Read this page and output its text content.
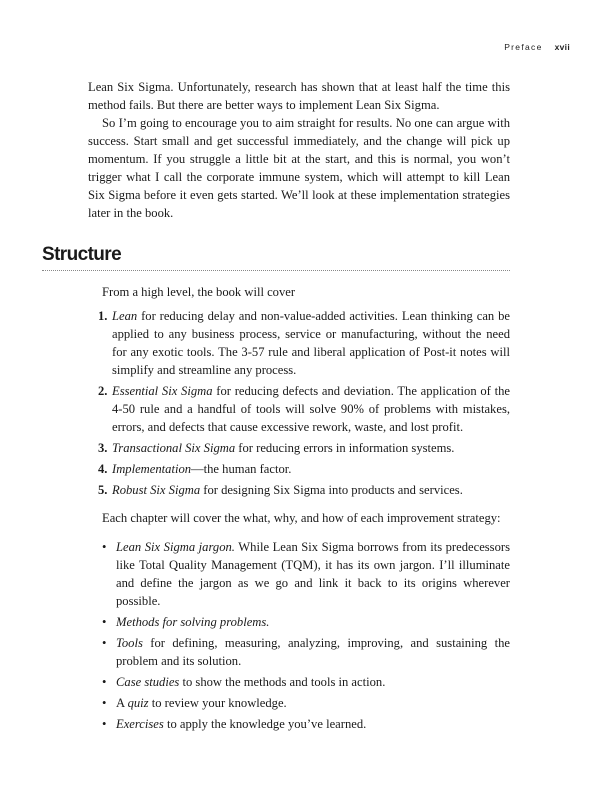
Preface xvii

Lean Six Sigma. Unfortunately, research has shown that at least half the time this method fails. But there are better ways to implement Lean Six Sigma.

So I’m going to encourage you to aim straight for results. No one can argue with success. Start small and get successful immediately, and the change will pick up momentum. If you struggle a little bit at the start, and this is normal, you won’t trigger what I call the corporate immune system, which will attempt to kill Lean Six Sigma before it even gets started. We’ll look at these implementation strategies later in the book.

Structure

From a high level, the book will cover

1. Lean for reducing delay and non-value-added activities. Lean thinking can be applied to any business process, service or manufacturing, without the need for any exotic tools. The 3-57 rule and liberal application of Post-it notes will simplify and streamline any process.
2. Essential Six Sigma for reducing defects and deviation. The application of the 4-50 rule and a handful of tools will solve 90% of problems with mistakes, errors, and defects that cause excessive rework, waste, and lost profit.
3. Transactional Six Sigma for reducing errors in information systems.
4. Implementation—the human factor.
5. Robust Six Sigma for designing Six Sigma into products and services.

Each chapter will cover the what, why, and how of each improvement strategy:

• Lean Six Sigma jargon. While Lean Six Sigma borrows from its predecessors like Total Quality Management (TQM), it has its own jargon. I’ll illuminate and define the jargon as we go and link it back to its origins wherever possible.
• Methods for solving problems.
• Tools for defining, measuring, analyzing, improving, and sustaining the problem and its solution.
• Case studies to show the methods and tools in action.
• A quiz to review your knowledge.
• Exercises to apply the knowledge you’ve learned.
